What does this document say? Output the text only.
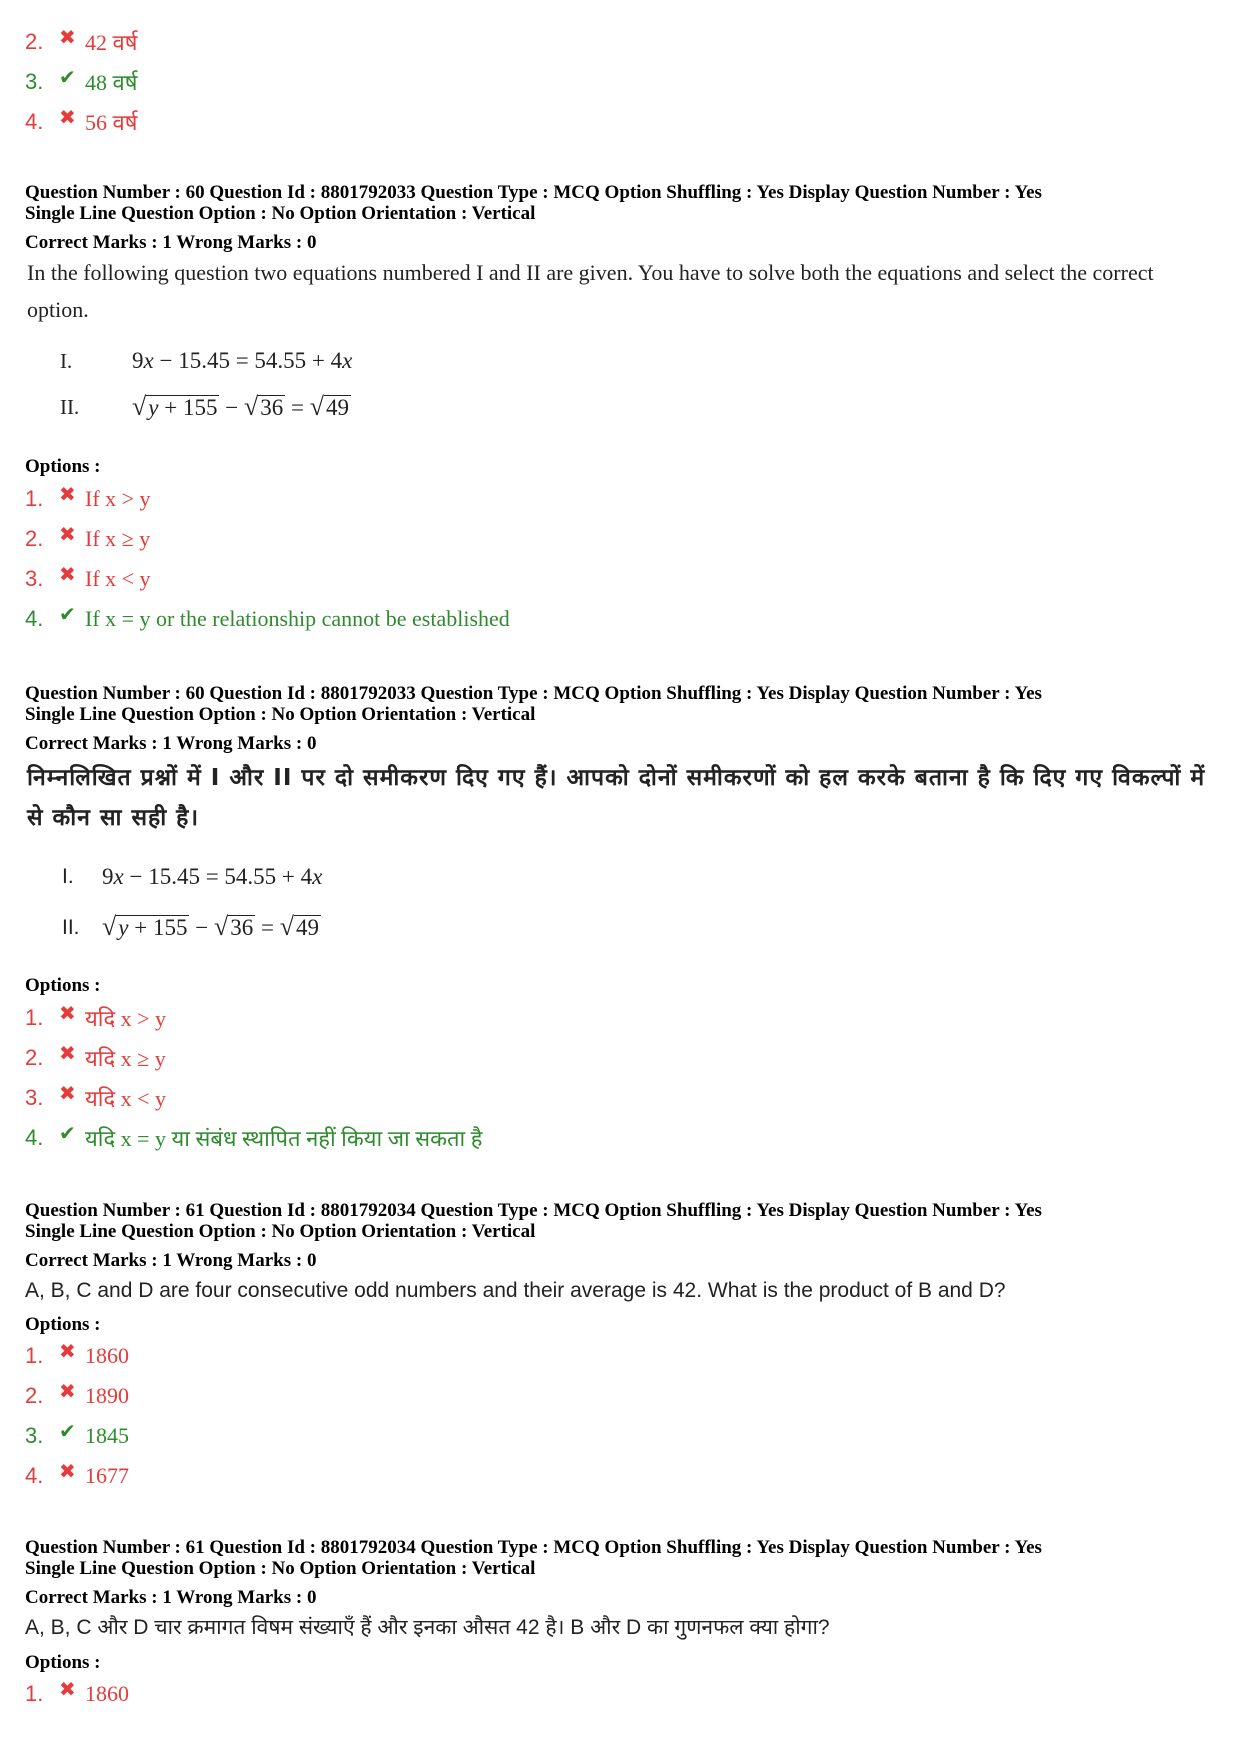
2. ✖ 42 वर्ष
3. ✔ 48 वर्ष
4. ✖ 56 वर्ष
Question Number : 60 Question Id : 8801792033 Question Type : MCQ Option Shuffling : Yes Display Question Number : Yes
Single Line Question Option : No Option Orientation : Vertical
Correct Marks : 1 Wrong Marks : 0
In the following question two equations numbered I and II are given. You have to solve both the equations and select the correct option.
I.	9x − 15.45 = 54.55 + 4x
II.	√ y + 155 − √ 36 = √ 49
Options :
1. ✖ If x > y
2. ✖ If x ≥ y
3. ✖ If x < y
4. ✔ If x = y or the relationship cannot be established
Question Number : 60 Question Id : 8801792033 Question Type : MCQ Option Shuffling : Yes Display Question Number : Yes
Single Line Question Option : No Option Orientation : Vertical
Correct Marks : 1 Wrong Marks : 0
निम्नलिखित प्रश्नों में I और II पर दो समीकरण दिए गए हैं। आपको दोनों समीकरणों को हल करके बताना है कि दिए गए विकल्पों में से कौन सा सही है।
I.	9x − 15.45 = 54.55 + 4x
II. √ y + 155 − √ 36 = √ 49
Options :
1. ✖ यदि x > y
2. ✖ यदि x ≥ y
3. ✖ यदि x < y
4. ✔ यदि x = y या संबंध स्थापित नहीं किया जा सकता है
Question Number : 61 Question Id : 8801792034 Question Type : MCQ Option Shuffling : Yes Display Question Number : Yes
Single Line Question Option : No Option Orientation : Vertical
Correct Marks : 1 Wrong Marks : 0
A, B, C and D are four consecutive odd numbers and their average is 42. What is the product of B and D?
Options :
1. ✖ 1860
2. ✖ 1890
3. ✔ 1845
4. ✖ 1677
Question Number : 61 Question Id : 8801792034 Question Type : MCQ Option Shuffling : Yes Display Question Number : Yes
Single Line Question Option : No Option Orientation : Vertical
Correct Marks : 1 Wrong Marks : 0
A, B, C और D चार क्रमागत विषम संख्याएँ हैं और इनका औसत 42 है। B और D का गुणनफल क्या होगा?
Options :
1. ✖ 1860
